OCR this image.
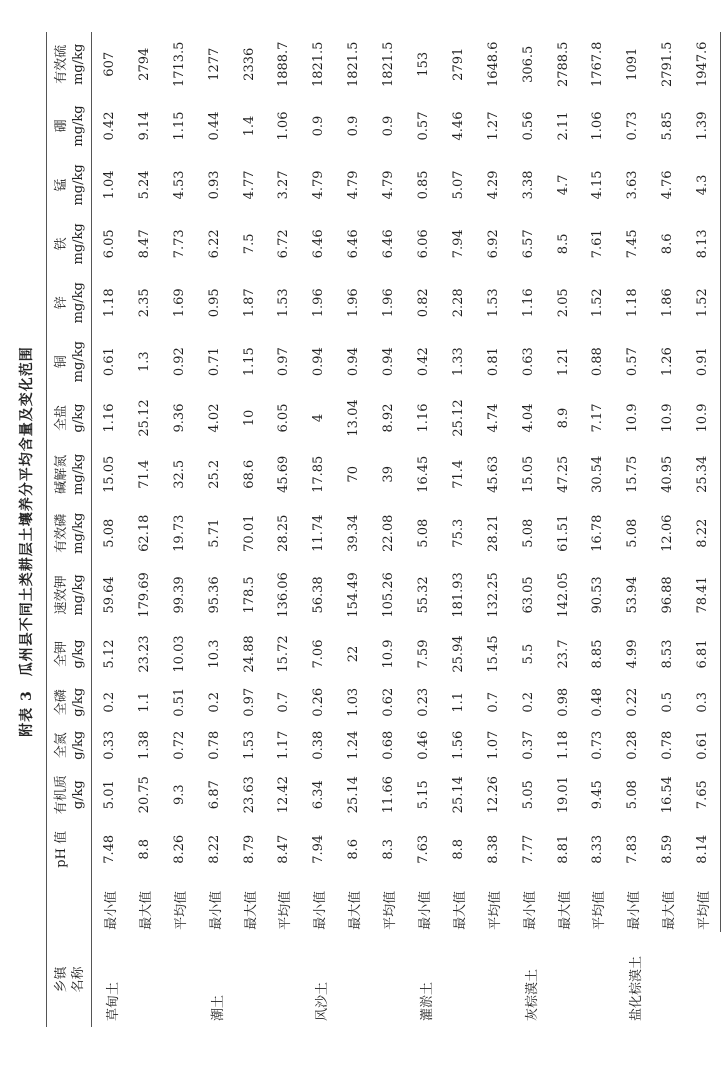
附表 3瓜州县不同土类耕层土壤养分平均含量及变化范围
乡镇		pH 值	有机质	全氮	全磷	全钾	速效钾	有效磷	碱解氮	全盐	铜	锌	铁	锰	硼	有效硫
名称			g/kg	g/kg	g/kg	g/kg	mg/kg	mg/kg	mg/kg	g/kg	mg/kg	mg/kg	mg/kg	mg/kg	mg/kg	mg/kg
草甸土	最小值	7.48	5.01	0.33	0.2	5.12	59.64	5.08	15.05	1.16	0.61	1.18	6.05	1.04	0.42	607
	最大值	8.8	20.75	1.38	1.1	23.23	179.69	62.18	71.4	25.12	1.3	2.35	8.47	5.24	9.14	2794
	平均值	8.26	9.3	0.72	0.51	10.03	99.39	19.73	32.5	9.36	0.92	1.69	7.73	4.53	1.15	1713.5
潮土	最小值	8.22	6.87	0.78	0.2	10.3	95.36	5.71	25.2	4.02	0.71	0.95	6.22	0.93	0.44	1277
	最大值	8.79	23.63	1.53	0.97	24.88	178.5	70.01	68.6	10	1.15	1.87	7.5	4.77	1.4	2336
	平均值	8.47	12.42	1.17	0.7	15.72	136.06	28.25	45.69	6.05	0.97	1.53	6.72	3.27	1.06	1888.7
风沙土	最小值	7.94	6.34	0.38	0.26	7.06	56.38	11.74	17.85	4	0.94	1.96	6.46	4.79	0.9	1821.5
	最大值	8.6	25.14	1.24	1.03	22	154.49	39.34	70	13.04	0.94	1.96	6.46	4.79	0.9	1821.5
	平均值	8.3	11.66	0.68	0.62	10.9	105.26	22.08	39	8.92	0.94	1.96	6.46	4.79	0.9	1821.5
灌淤土	最小值	7.63	5.15	0.46	0.23	7.59	55.32	5.08	16.45	1.16	0.42	0.82	6.06	0.85	0.57	153
	最大值	8.8	25.14	1.56	1.1	25.94	181.93	75.3	71.4	25.12	1.33	2.28	7.94	5.07	4.46	2791
	平均值	8.38	12.26	1.07	0.7	15.45	132.25	28.21	45.63	4.74	0.81	1.53	6.92	4.29	1.27	1648.6
灰棕漠土	最小值	7.77	5.05	0.37	0.2	5.5	63.05	5.08	15.05	4.04	0.63	1.16	6.57	3.38	0.56	306.5
	最大值	8.81	19.01	1.18	0.98	23.7	142.05	61.51	47.25	8.9	1.21	2.05	8.5	4.7	2.11	2788.5
	平均值	8.33	9.45	0.73	0.48	8.85	90.53	16.78	30.54	7.17	0.88	1.52	7.61	4.15	1.06	1767.8
盐化棕漠土	最小值	7.83	5.08	0.28	0.22	4.99	53.94	5.08	15.75	10.9	0.57	1.18	7.45	3.63	0.73	1091
	最大值	8.59	16.54	0.78	0.5	8.53	96.88	12.06	40.95	10.9	1.26	1.86	8.6	4.76	5.85	2791.5
	平均值	8.14	7.65	0.61	0.3	6.81	78.41	8.22	25.34	10.9	0.91	1.52	8.13	4.3	1.39	1947.6
